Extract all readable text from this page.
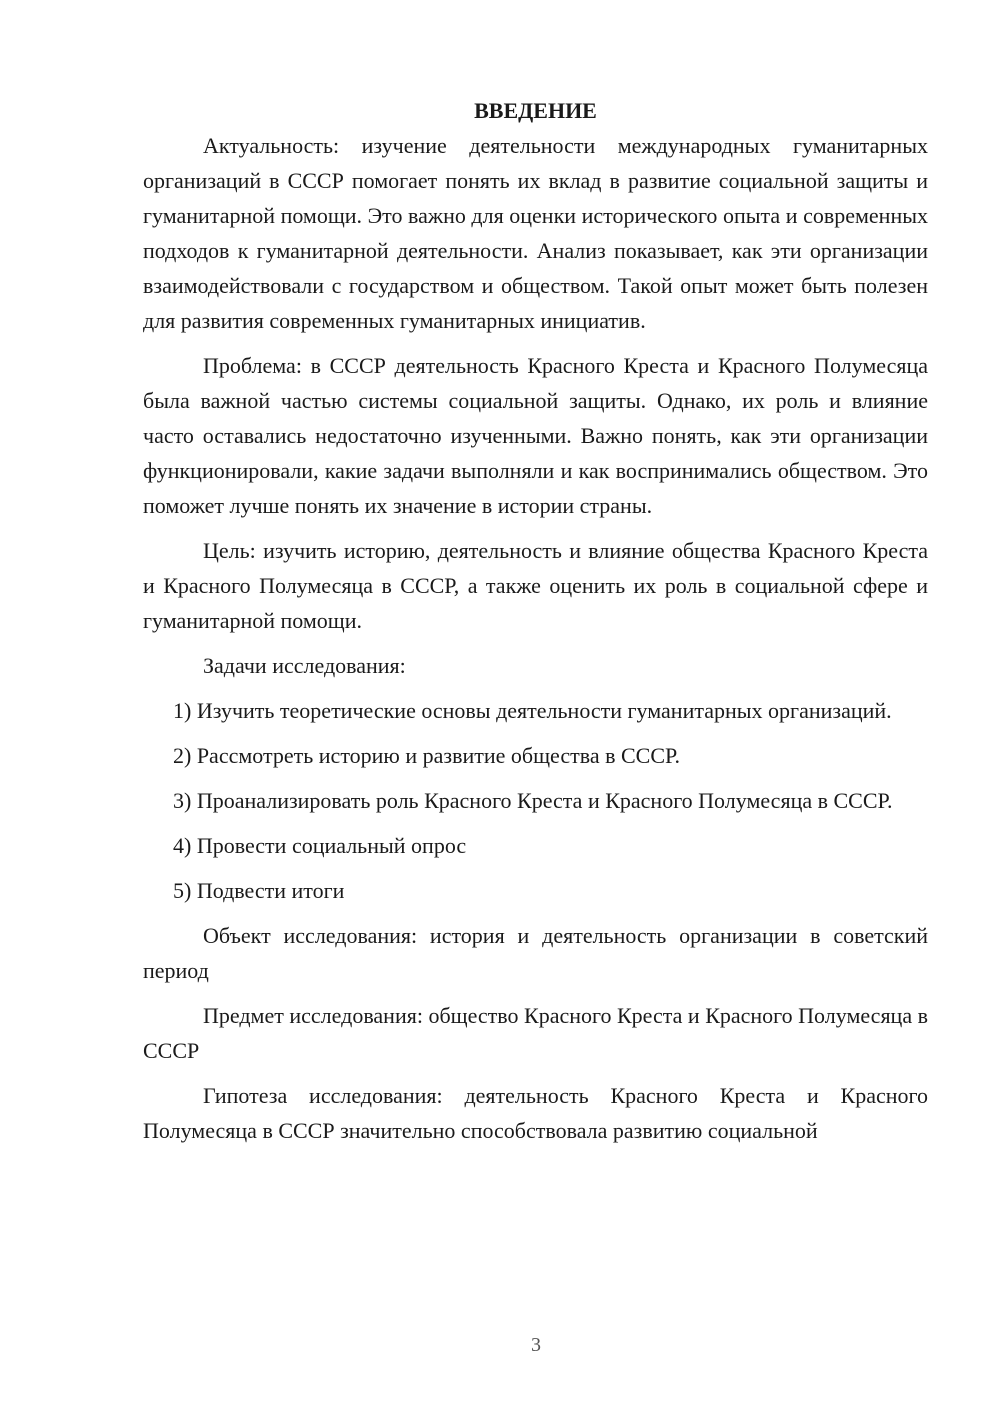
ВВЕДЕНИЕ

Актуальность: изучение деятельности международных гуманитарных организаций в СССР помогает понять их вклад в развитие социальной защиты и гуманитарной помощи. Это важно для оценки исторического опыта и современных подходов к гуманитарной деятельности. Анализ показывает, как эти организации взаимодействовали с государством и обществом. Такой опыт может быть полезен для развития современных гуманитарных инициатив.

Проблема: в СССР деятельность Красного Креста и Красного Полумесяца была важной частью системы социальной защиты. Однако, их роль и влияние часто оставались недостаточно изученными. Важно понять, как эти организации функционировали, какие задачи выполняли и как воспринимались обществом. Это поможет лучше понять их значение в истории страны.

Цель: изучить историю, деятельность и влияние общества Красного Креста и Красного Полумесяца в СССР, а также оценить их роль в социальной сфере и гуманитарной помощи.

Задачи исследования:

1) Изучить теоретические основы деятельности гуманитарных организаций.

2) Рассмотреть историю и развитие общества в СССР.

3) Проанализировать роль Красного Креста и Красного Полумесяца в СССР.

4) Провести социальный опрос

5) Подвести итоги

Объект исследования: история и деятельность организации в советский период

Предмет исследования: общество Красного Креста и Красного Полумесяца в СССР

Гипотеза исследования: деятельность Красного Креста и Красного Полумесяца в СССР значительно способствовала развитию социальной

3
